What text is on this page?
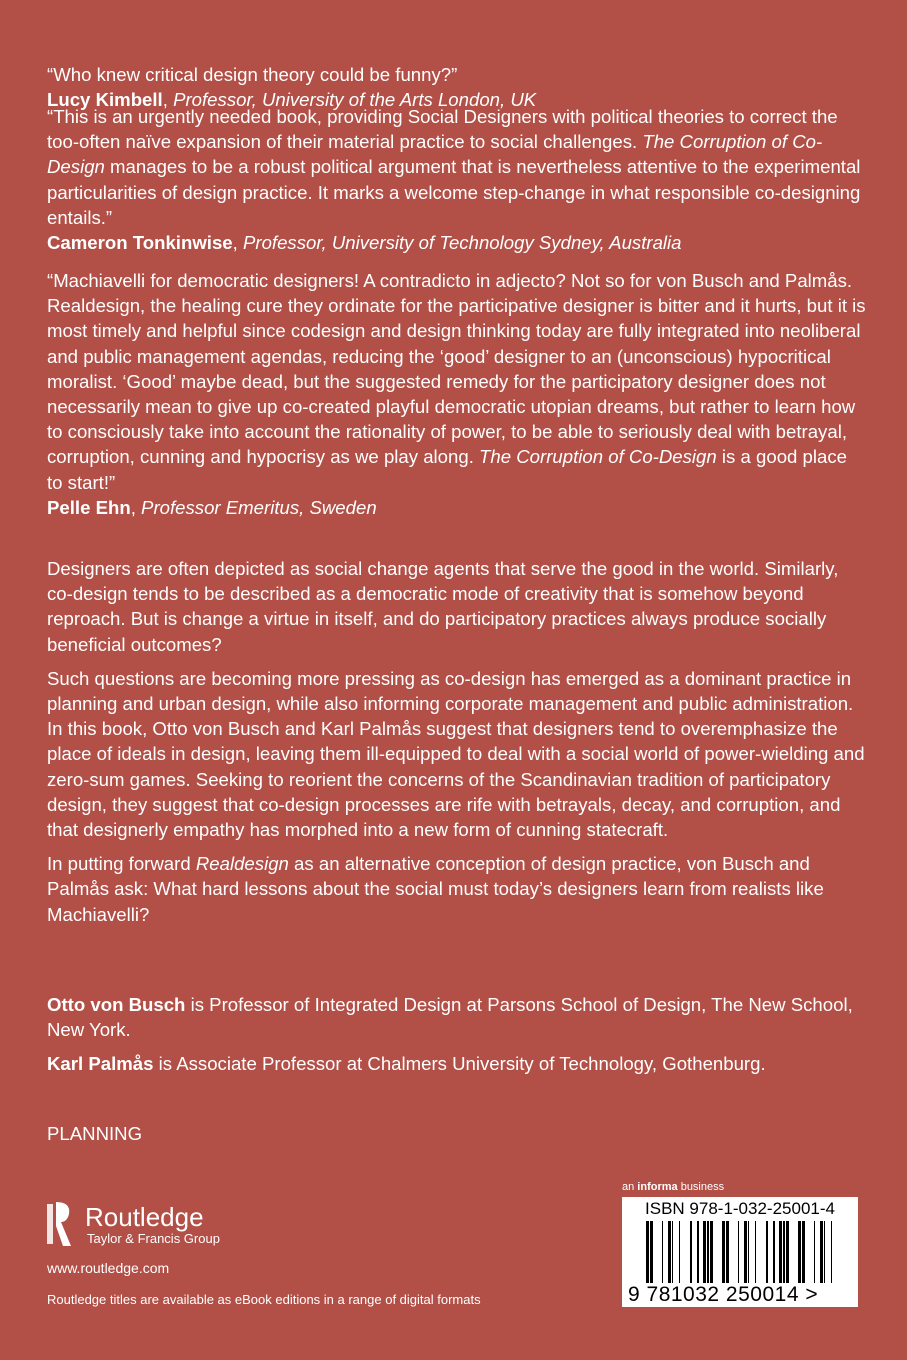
“Who knew critical design theory could be funny?”

Lucy Kimbell, Professor, University of the Arts London, UK

“This is an urgently needed book, providing Social Designers with political theories to correct the too-often naïve expansion of their material practice to social challenges. The Corruption of Co-Design manages to be a robust political argument that is nevertheless attentive to the experimental particularities of design practice. It marks a welcome step-change in what responsible co-designing entails.”

Cameron Tonkinwise, Professor, University of Technology Sydney, Australia

“Machiavelli for democratic designers! A contradicto in adjecto? Not so for von Busch and Palmås. Realdesign, the healing cure they ordinate for the participative designer is bitter and it hurts, but it is most timely and helpful since codesign and design thinking today are fully integrated into neoliberal and public management agendas, reducing the ‘good’ designer to an (unconscious) hypocritical moralist. ‘Good’ maybe dead, but the suggested remedy for the participatory designer does not necessarily mean to give up co-created playful democratic utopian dreams, but rather to learn how to consciously take into account the rationality of power, to be able to seriously deal with betrayal, corruption, cunning and hypocrisy as we play along. The Corruption of Co-Design is a good place to start!”

Pelle Ehn, Professor Emeritus, Sweden

Designers are often depicted as social change agents that serve the good in the world. Similarly, co-design tends to be described as a democratic mode of creativity that is somehow beyond reproach. But is change a virtue in itself, and do participatory practices always produce socially beneficial outcomes?

Such questions are becoming more pressing as co-design has emerged as a dominant practice in planning and urban design, while also informing corporate management and public administration. In this book, Otto von Busch and Karl Palmås suggest that designers tend to overemphasize the place of ideals in design, leaving them ill-equipped to deal with a social world of power-wielding and zero-sum games. Seeking to reorient the concerns of the Scandinavian tradition of participatory design, they suggest that co-design processes are rife with betrayals, decay, and corruption, and that designerly empathy has morphed into a new form of cunning statecraft.

In putting forward Realdesign as an alternative conception of design practice, von Busch and Palmås ask: What hard lessons about the social must today’s designers learn from realists like Machiavelli?

Otto von Busch is Professor of Integrated Design at Parsons School of Design, The New School, New York.

Karl Palmås is Associate Professor at Chalmers University of Technology, Gothenburg.

PLANNING
Routledge
Taylor & Francis Group
www.routledge.com
Routledge titles are available as eBook editions in a range of digital formats
an informa business
ISBN 978-1-032-25001-4
9 781032 250014 >
